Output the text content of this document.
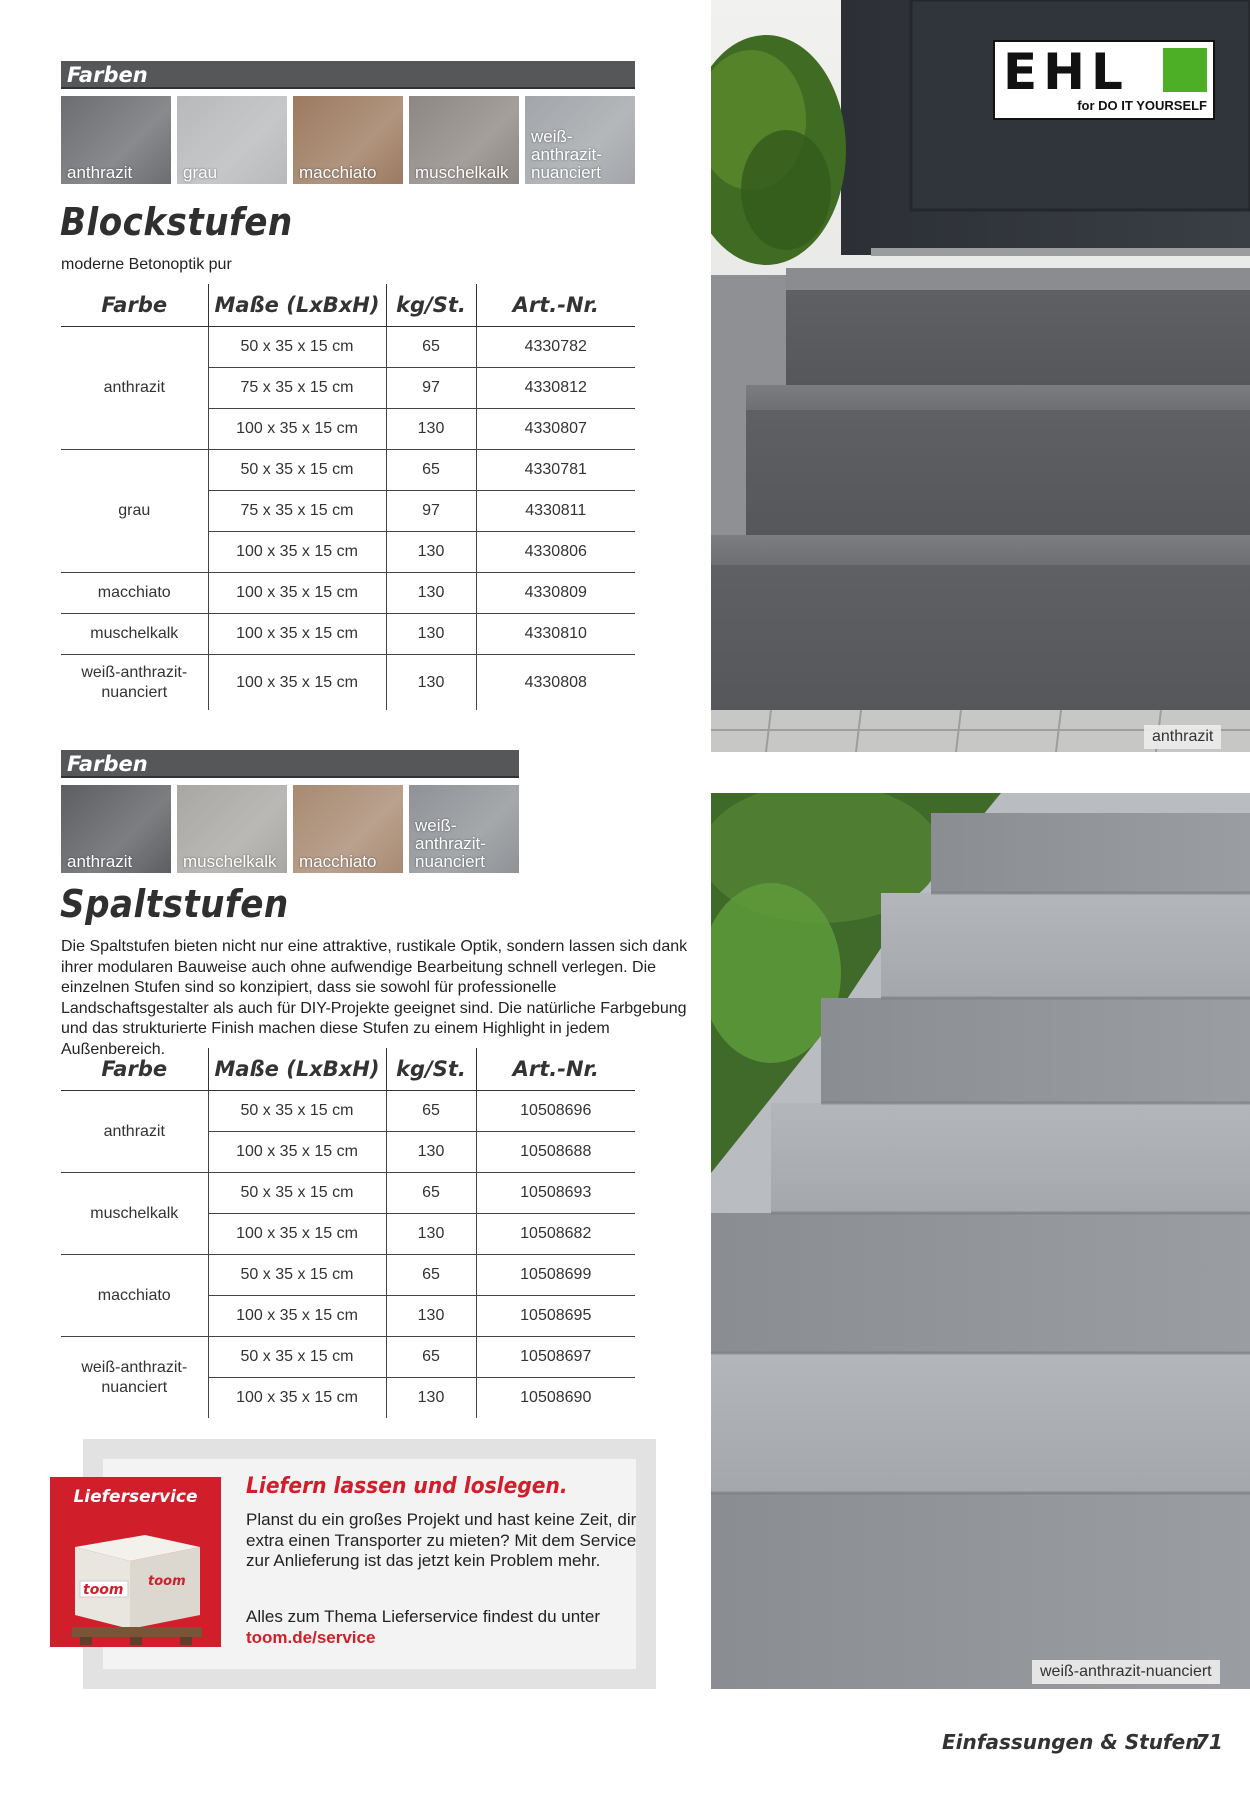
anthrazit
EHL
for DO IT YOURSELF
weiß-anthrazit-nuanciert
Farben
anthrazit	grau	macchiato muschelkalk
weiß-
anthrazit-
nuanciert
Blockstufen
moderne Betonoptik pur
Farbe	Maße (LxBxH)	kg/St.	Art.-Nr.
anthrazit	50 x 35 x 15 cm	65	4330782
	75 x 35 x 15 cm	97	4330812
	100 x 35 x 15 cm	130	4330807
grau	50 x 35 x 15 cm	65	4330781
	75 x 35 x 15 cm	97	4330811
	100 x 35 x 15 cm	130	4330806
macchiato	100 x 35 x 15 cm	130	4330809
muschelkalk	100 x 35 x 15 cm	130	4330810
weiß-anthrazit-
nuanciert	100 x 35 x 15 cm	130	4330808
Farben
anthrazit	muschelkalk macchiato
weiß-
anthrazit-
nuanciert
Spaltstufen
Die Spaltstufen bieten nicht nur eine attraktive, rustikale Optik, sondern lassen sich dank ihrer modularen Bauweise auch ohne aufwendige Bearbeitung schnell verlegen. Die einzelnen Stufen sind so konzipiert, dass sie sowohl für professionelle Landschaftsgestalter als auch für DIY-Projekte geeignet sind. Die natürliche Farbgebung und das strukturierte Finish machen diese Stufen zu einem Highlight in jedem Außenbereich.
Farbe	Maße (LxBxH)	kg/St.	Art.-Nr.
anthrazit	50 x 35 x 15 cm	65	10508696
	100 x 35 x 15 cm	130	10508688
muschelkalk	50 x 35 x 15 cm	65	10508693
	100 x 35 x 15 cm	130	10508682
macchiato	50 x 35 x 15 cm	65	10508699
	100 x 35 x 15 cm	130	10508695
weiß-anthrazit-
nuanciert	50 x 35 x 15 cm	65	10508697
	100 x 35 x 15 cm	130	10508690
Lieferservice
toom
toom
Liefern lassen und loslegen.
Planst du ein großes Projekt und hast keine Zeit, dir extra einen Transporter zu mieten? Mit dem Service zur Anlieferung ist das jetzt kein Problem mehr.
Alles zum Thema Lieferservice findest du unter toom.de/service
Einfassungen & Stufen
71
